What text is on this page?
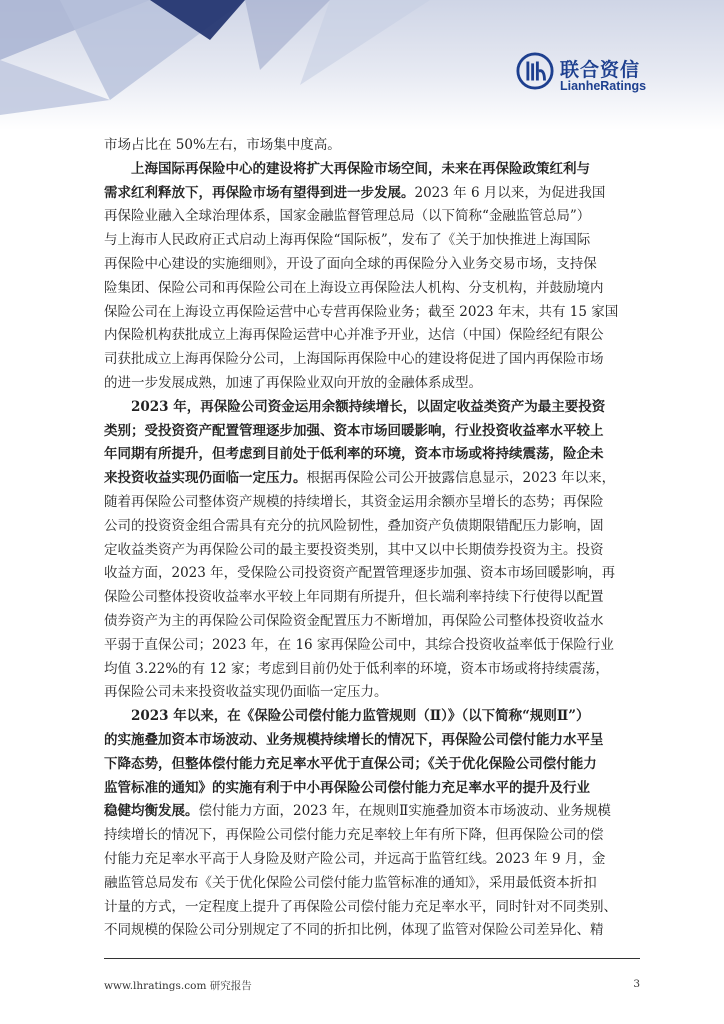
联合资信
LianheRatings
市场占比在 50%左右，市场集中度高。
上海国际再保险中心的建设将扩大再保险市场空间，未来在再保险政策红利与
需求红利释放下，再保险市场有望得到进一步发展。2023 年 6 月以来，为促进我国
再保险业融入全球治理体系，国家金融监督管理总局（以下简称“金融监管总局”）
与上海市人民政府正式启动上海再保险“国际板”，发布了《关于加快推进上海国际
再保险中心建设的实施细则》，开设了面向全球的再保险分入业务交易市场，支持保
险集团、保险公司和再保险公司在上海设立再保险法人机构、分支机构，并鼓励境内
保险公司在上海设立再保险运营中心专营再保险业务；截至 2023 年末，共有 15 家国
内保险机构获批成立上海再保险运营中心并准予开业，达信（中国）保险经纪有限公
司获批成立上海再保险分公司，上海国际再保险中心的建设将促进了国内再保险市场
的进一步发展成熟，加速了再保险业双向开放的金融体系成型。
2023 年，再保险公司资金运用余额持续增长，以固定收益类资产为最主要投资
类别；受投资资产配置管理逐步加强、资本市场回暖影响，行业投资收益率水平较上
年同期有所提升，但考虑到目前处于低利率的环境，资本市场或将持续震荡，险企未
来投资收益实现仍面临一定压力。根据再保险公司公开披露信息显示，2023 年以来，
随着再保险公司整体资产规模的持续增长，其资金运用余额亦呈增长的态势；再保险
公司的投资资金组合需具有充分的抗风险韧性，叠加资产负债期限错配压力影响，固
定收益类资产为再保险公司的最主要投资类别，其中又以中长期债券投资为主。投资
收益方面，2023 年，受保险公司投资资产配置管理逐步加强、资本市场回暖影响，再
保险公司整体投资收益率水平较上年同期有所提升，但长端利率持续下行使得以配置
债券资产为主的再保险公司保险资金配置压力不断增加，再保险公司整体投资收益水
平弱于直保公司；2023 年，在 16 家再保险公司中，其综合投资收益率低于保险行业
均值 3.22%的有 12 家；考虑到目前仍处于低利率的环境，资本市场或将持续震荡，
再保险公司未来投资收益实现仍面临一定压力。
2023 年以来，在《保险公司偿付能力监管规则（Ⅱ）》（以下简称“规则Ⅱ”）
的实施叠加资本市场波动、业务规模持续增长的情况下，再保险公司偿付能力水平呈
下降态势，但整体偿付能力充足率水平优于直保公司；《关于优化保险公司偿付能力
监管标准的通知》的实施有利于中小再保险公司偿付能力充足率水平的提升及行业
稳健均衡发展。偿付能力方面，2023 年，在规则Ⅱ实施叠加资本市场波动、业务规模
持续增长的情况下，再保险公司偿付能力充足率较上年有所下降，但再保险公司的偿
付能力充足率水平高于人身险及财产险公司，并远高于监管红线。2023 年 9 月，金
融监管总局发布《关于优化保险公司偿付能力监管标准的通知》，采用最低资本折扣
计量的方式，一定程度上提升了再保险公司偿付能力充足率水平，同时针对不同类别、
不同规模的保险公司分别规定了不同的折扣比例，体现了监管对保险公司差异化、精
www.lhratings.com 研究报告	3
